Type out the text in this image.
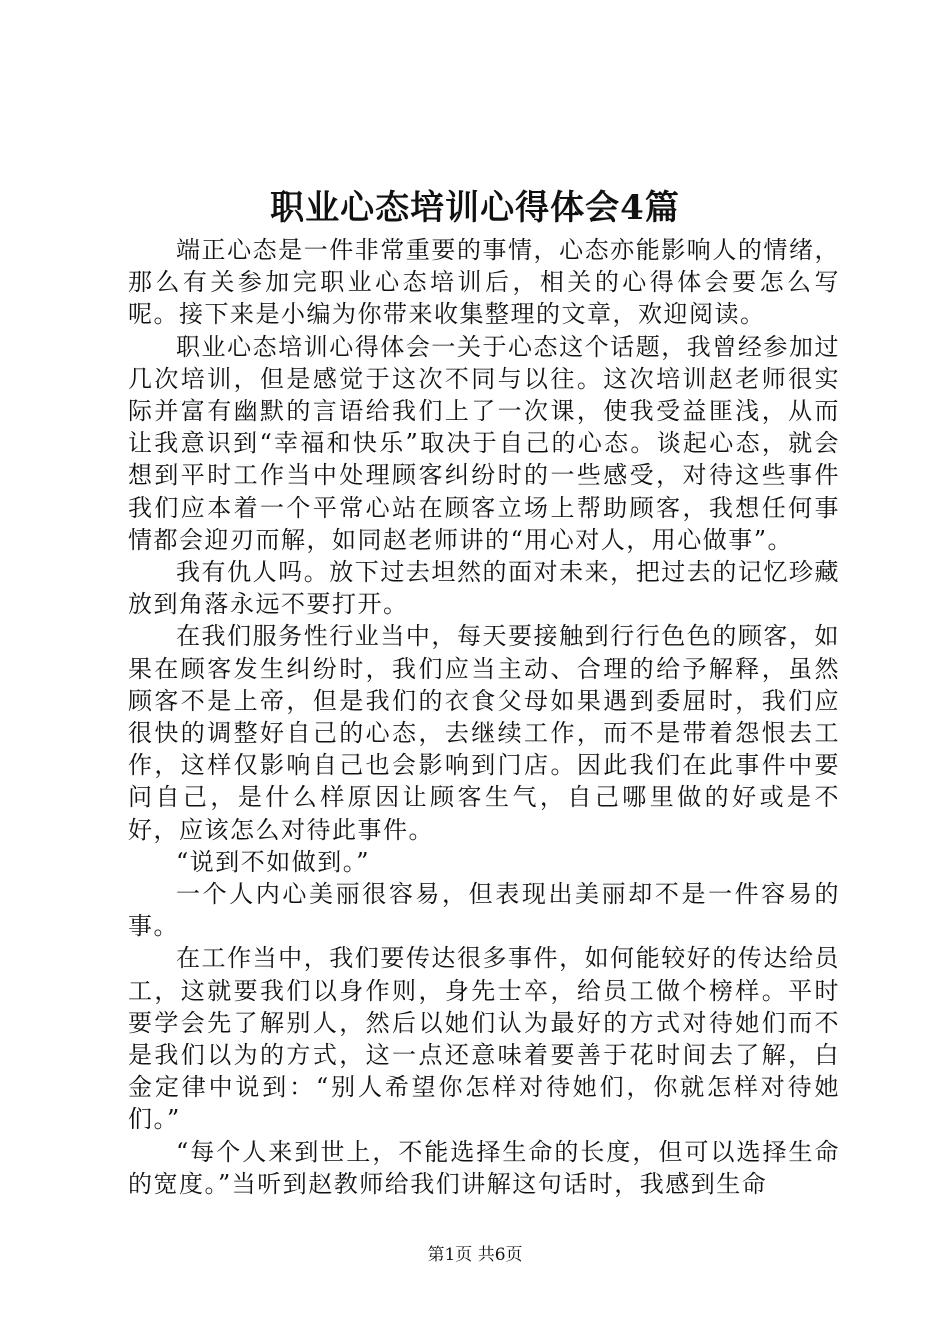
职业心态培训心得体会4篇

端正心态是一件非常重要的事情，心态亦能影响人的情绪，那么有关参加完职业心态培训后，相关的心得体会要怎么写呢。接下来是小编为你带来收集整理的文章，欢迎阅读。

职业心态培训心得体会一关于心态这个话题，我曾经参加过几次培训，但是感觉于这次不同与以往。这次培训赵老师很实际并富有幽默的言语给我们上了一次课，使我受益匪浅，从而让我意识到“幸福和快乐”取决于自己的心态。谈起心态，就会想到平时工作当中处理顾客纠纷时的一些感受，对待这些事件我们应本着一个平常心站在顾客立场上帮助顾客，我想任何事情都会迎刃而解，如同赵老师讲的“用心对人，用心做事”。

我有仇人吗。放下过去坦然的面对未来，把过去的记忆珍藏放到角落永远不要打开。

在我们服务性行业当中，每天要接触到行行色色的顾客，如果在顾客发生纠纷时，我们应当主动、合理的给予解释，虽然顾客不是上帝，但是我们的衣食父母如果遇到委屈时，我们应很快的调整好自己的心态，去继续工作，而不是带着怨恨去工作，这样仅影响自己也会影响到门店。因此我们在此事件中要问自己，是什么样原因让顾客生气，自己哪里做的好或是不好，应该怎么对待此事件。

“说到不如做到。”

一个人内心美丽很容易，但表现出美丽却不是一件容易的事。

在工作当中，我们要传达很多事件，如何能较好的传达给员工，这就要我们以身作则，身先士卒，给员工做个榜样。平时要学会先了解别人，然后以她们认为最好的方式对待她们而不是我们以为的方式，这一点还意味着要善于花时间去了解，白金定律中说到：“别人希望你怎样对待她们，你就怎样对待她们。”

“每个人来到世上，不能选择生命的长度，但可以选择生命的宽度。”当听到赵教师给我们讲解这句话时，我感到生命

第1页 共6页
